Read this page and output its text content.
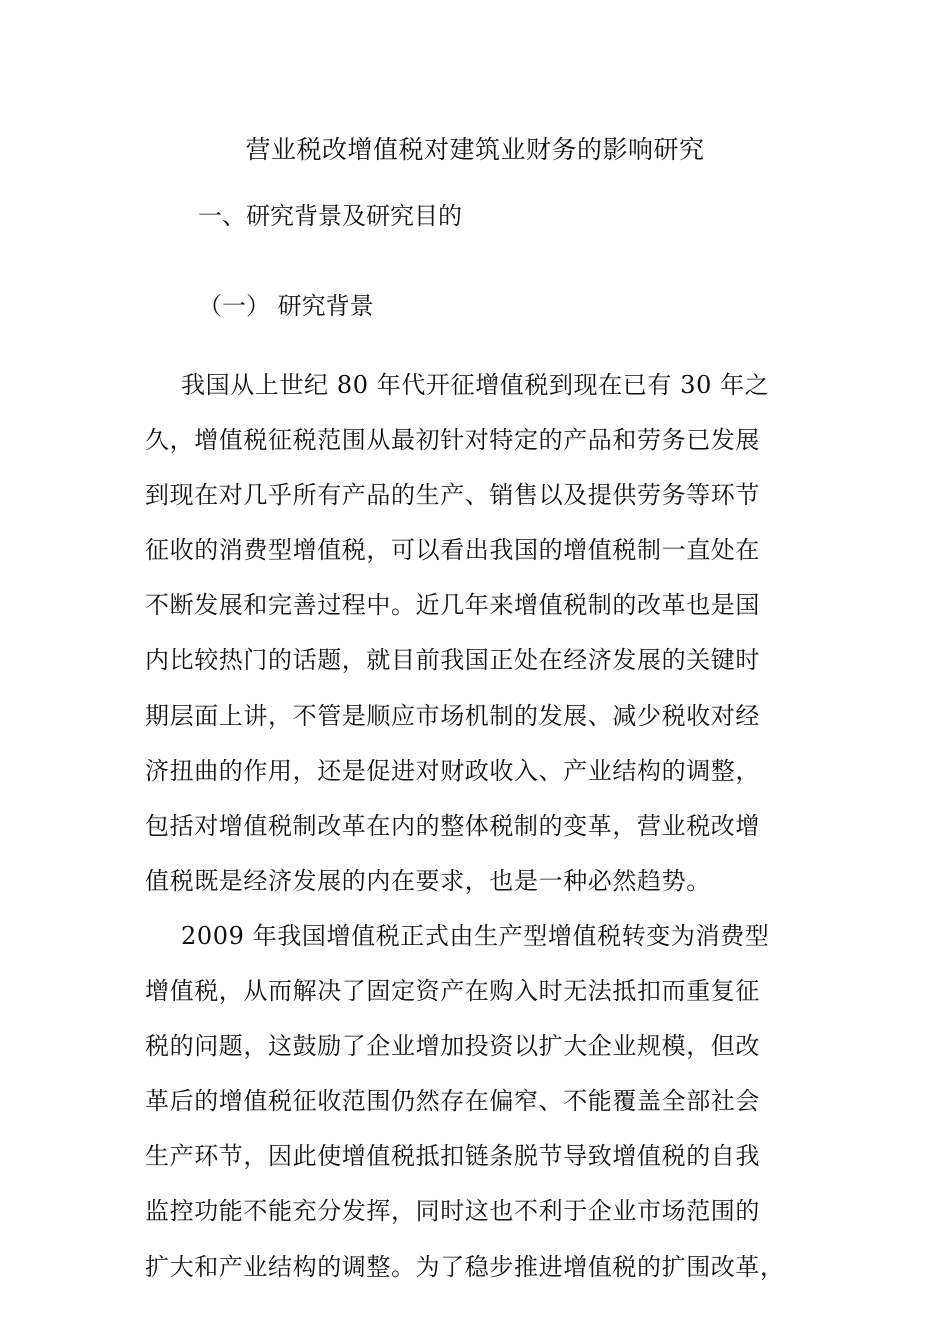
营业税改增值税对建筑业财务的影响研究
一、研究背景及研究目的
（一） 研究背景
我国从上世纪 80 年代开征增值税到现在已有 30 年之
久，增值税征税范围从最初针对特定的产品和劳务已发展
到现在对几乎所有产品的生产、销售以及提供劳务等环节
征收的消费型增值税，可以看出我国的增值税制一直处在
不断发展和完善过程中。近几年来增值税制的改革也是国
内比较热门的话题，就目前我国正处在经济发展的关键时
期层面上讲，不管是顺应市场机制的发展、减少税收对经
济扭曲的作用，还是促进对财政收入、产业结构的调整，
包括对增值税制改革在内的整体税制的变革，营业税改增
值税既是经济发展的内在要求，也是一种必然趋势。
2009 年我国增值税正式由生产型增值税转变为消费型
增值税，从而解决了固定资产在购入时无法抵扣而重复征
税的问题，这鼓励了企业增加投资以扩大企业规模，但改
革后的增值税征收范围仍然存在偏窄、不能覆盖全部社会
生产环节，因此使增值税抵扣链条脱节导致增值税的自我
监控功能不能充分发挥，同时这也不利于企业市场范围的
扩大和产业结构的调整。为了稳步推进增值税的扩围改革，
